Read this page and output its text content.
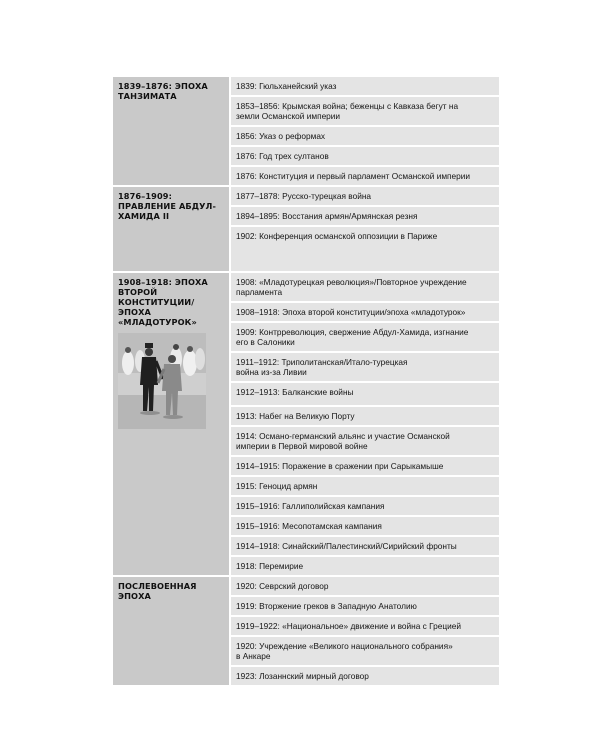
1839–1876: ЭПОХА ТАНЗИМАТА
1839: Гюльханейский указ
1853–1856: Крымская война; беженцы с Кавказа бегут на земли Османской империи
1856: Указ о реформах
1876: Год трех султанов
1876: Конституция и первый парламент Османской империи
1876–1909: ПРАВЛЕНИЕ АБДУЛ-ХАМИДА II
1877–1878: Русско-турецкая война
1894–1895: Восстания армян/Армянская резня
1902: Конференция османской оппозиции в Париже
1908–1918: ЭПОХА ВТОРОЙ КОНСТИТУЦИИ/ ЭПОХА «МЛАДОТУРОК»
1908: «Младотурецкая революция»/Повторное учреждение парламента
1908–1918: Эпоха второй конституции/эпоха «младотурок»
1909: Контрреволюция, свержение Абдул-Хамида, изгнание его в Салоники
1911–1912: Триполитанская/Итало-турецкая война из-за Ливии
1912–1913: Балканские войны
1913: Набег на Великую Порту
1914: Османо-германский альянс и участие Османской империи в Первой мировой войне
1914–1915: Поражение в сражении при Сарыкамыше
1915: Геноцид армян
1915–1916: Галлиполийская кампания
1915–1916: Месопотамская кампания
1914–1918: Синайский/Палестинский/Сирийский фронты
1918: Перемирие
ПОСЛЕВОЕННАЯ ЭПОХА
1920: Севрский договор
1919: Вторжение греков в Западную Анатолию
1919–1922: «Национальное» движение и война с Грецией
1920: Учреждение «Великого национального собрания» в Анкаре
1923: Лозаннский мирный договор
